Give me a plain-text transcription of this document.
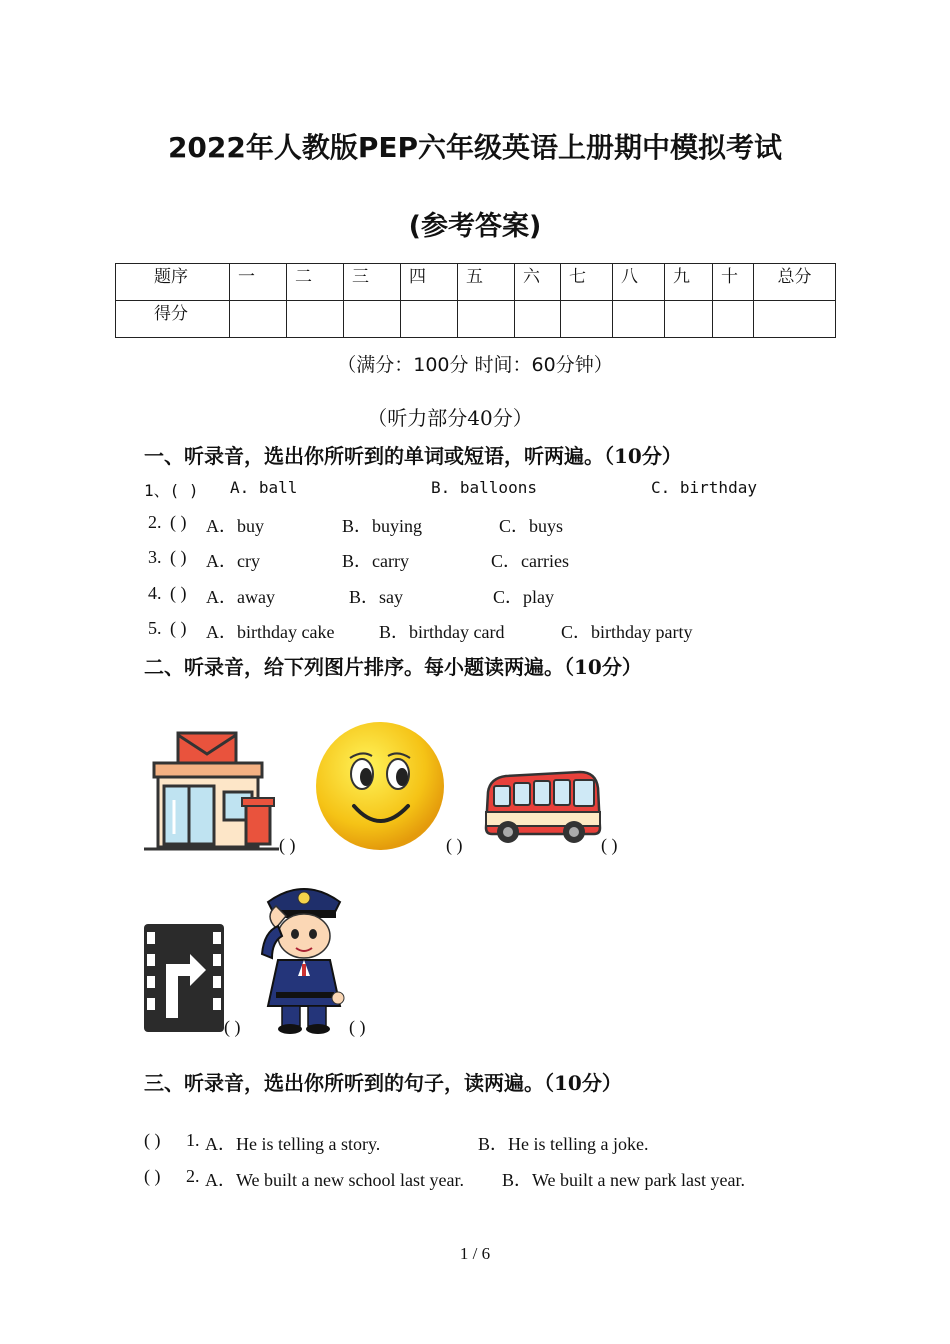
2022年人教版PEP六年级英语上册期中模拟考试
(参考答案)
题序	一	二	三	四	五	六	七	八	九	十	总分
得分											
（满分：100分 时间：60分钟）
（听力部分40分）
一、听录音，选出你所听到的单词或短语，听两遍。（10分）
1、( ) A. ball	B. balloons	C. birthday
2. ( ) A．buy	B．buying	C．buys
3. ( ) A．cry	B．carry	C．carries
4. ( ) A．away	B．say	C．play
5. ( ) A．birthday cake B．birthday card	C．birthday party
二、听录音，给下列图片排序。每小题读两遍。（10分）
( )	( )	( )
( )	( )
三、听录音，选出你所听到的句子，读两遍。（10分）
( ) 1. A．He is telling a story.	B．He is telling a joke.
( ) 2. A．We built a new school last year. B．We built a new park last year.
1 / 6
